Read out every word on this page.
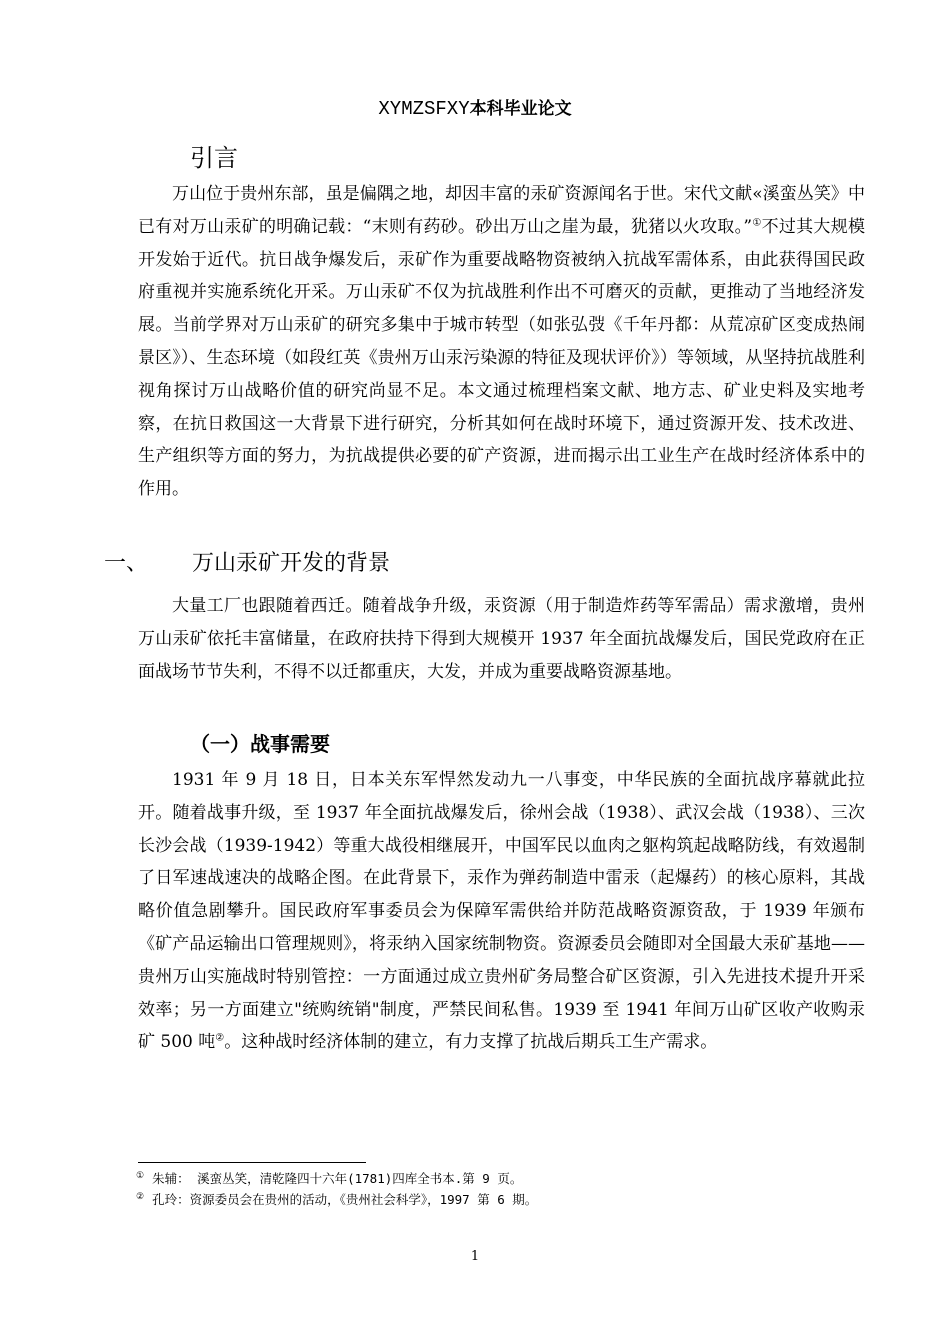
XYMZSFXY本科毕业论文
引言

万山位于贵州东部，虽是偏隅之地，却因丰富的汞矿资源闻名于世。宋代文献«溪蛮丛笑》中已有对万山汞矿的明确记载：“末则有药砂。砂出万山之崖为最，犹猪以火攻取。”①不过其大规模开发始于近代。抗日战争爆发后，汞矿作为重要战略物资被纳入抗战军需体系，由此获得国民政府重视并实施系统化开采。万山汞矿不仅为抗战胜利作出不可磨灭的贡献，更推动了当地经济发展。当前学界对万山汞矿的研究多集中于城市转型（如张弘弢《千年丹都：从荒凉矿区变成热闹景区》）、生态环境（如段红英《贵州万山汞污染源的特征及现状评价》）等领域，从坚持抗战胜利视角探讨万山战略价值的研究尚显不足。本文通过梳理档案文献、地方志、矿业史料及实地考察，在抗日救国这一大背景下进行研究，分析其如何在战时环境下，通过资源开发、技术改进、生产组织等方面的努力，为抗战提供必要的矿产资源，进而揭示出工业生产在战时经济体系中的作用。

一、 万山汞矿开发的背景

大量工厂也跟随着西迁。随着战争升级，汞资源（用于制造炸药等军需品）需求激增，贵州万山汞矿依托丰富储量，在政府扶持下得到大规模开 1937 年全面抗战爆发后，国民党政府在正面战场节节失利，不得不以迁都重庆，大发，并成为重要战略资源基地。

（一）战事需要

1931 年 9 月 18 日，日本关东军悍然发动九一八事变，中华民族的全面抗战序幕就此拉开。随着战事升级，至 1937 年全面抗战爆发后，徐州会战（1938）、武汉会战（1938）、三次长沙会战（1939-1942）等重大战役相继展开，中国军民以血肉之躯构筑起战略防线，有效遏制了日军速战速决的战略企图。在此背景下，汞作为弹药制造中雷汞（起爆药）的核心原料，其战略价值急剧攀升。国民政府军事委员会为保障军需供给并防范战略资源资敌，于 1939 年颁布《矿产品运输出口管理规则》，将汞纳入国家统制物资。资源委员会随即对全国最大汞矿基地——贵州万山实施战时特别管控：一方面通过成立贵州矿务局整合矿区资源，引入先进技术提升开采效率；另一方面建立"统购统销"制度，严禁民间私售。1939 至 1941 年间万山矿区收产收购汞矿 500 吨②。这种战时经济体制的建立，有力支撑了抗战后期兵工生产需求。

① 朱辅： 溪蛮丛笑，清乾隆四十六年(1781)四库全书本.第 9 页。
② 孔玲：资源委员会在贵州的活动，《贵州社会科学》，1997 第 6 期。
1
